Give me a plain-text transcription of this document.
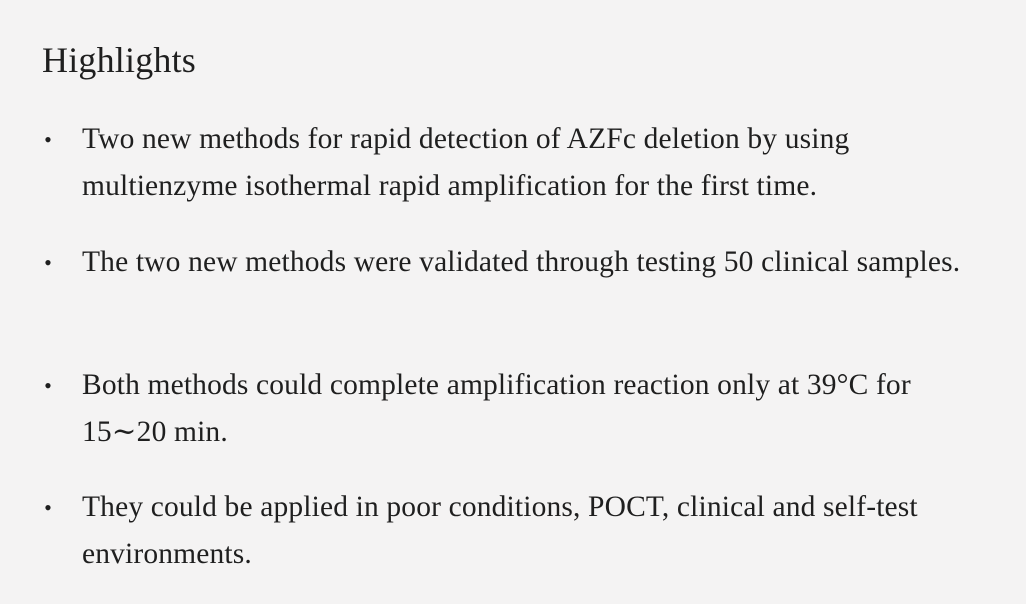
Highlights
• Two new methods for rapid detection of AZFc deletion by using multienzyme isothermal rapid amplification for the first time.
• The two new methods were validated through testing 50 clinical samples.
• Both methods could complete amplification reaction only at 39°C for 15∼20 min.
• They could be applied in poor conditions, POCT, clinical and self-test environments.
